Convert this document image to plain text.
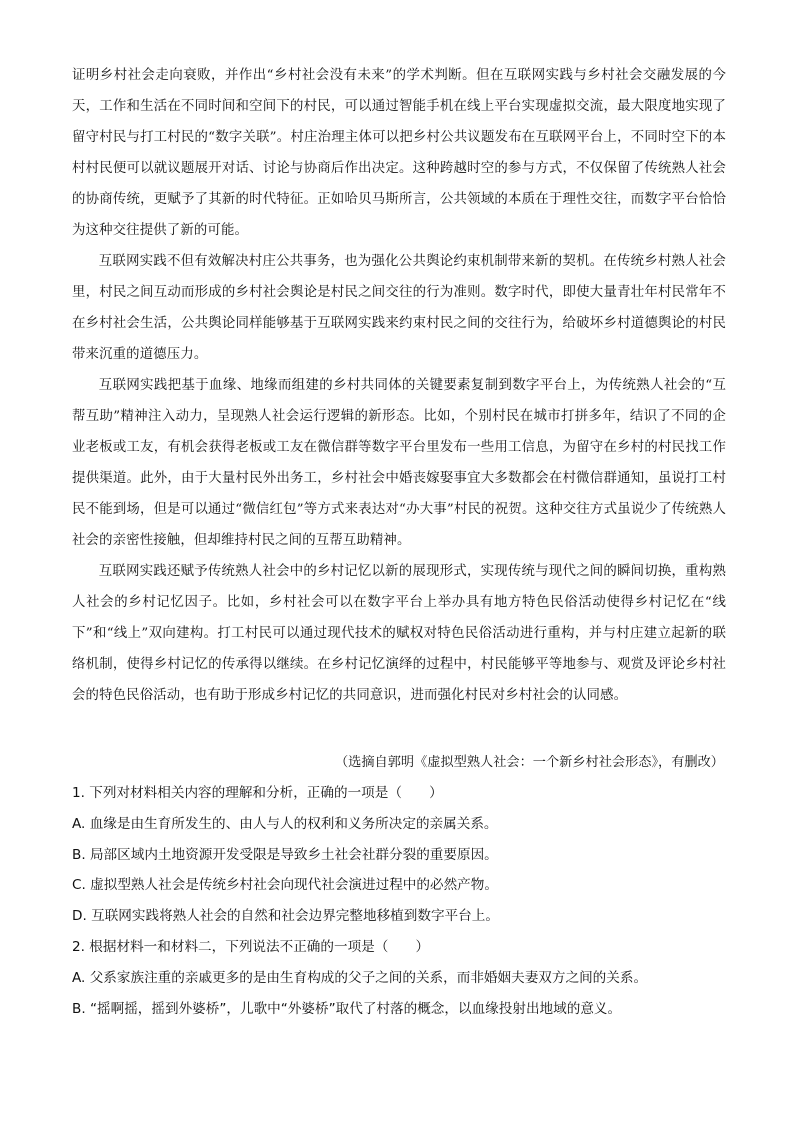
证明乡村社会走向衰败，并作出“乡村社会没有未来”的学术判断。但在互联网实践与乡村社会交融发展的今天，工作和生活在不同时间和空间下的村民，可以通过智能手机在线上平台实现虚拟交流，最大限度地实现了留守村民与打工村民的“数字关联”。村庄治理主体可以把乡村公共议题发布在互联网平台上，不同时空下的本村村民便可以就议题展开对话、讨论与协商后作出决定。这种跨越时空的参与方式，不仅保留了传统熟人社会的协商传统，更赋予了其新的时代特征。正如哈贝马斯所言，公共领域的本质在于理性交往，而数字平台恰恰为这种交往提供了新的可能。

互联网实践不但有效解决村庄公共事务，也为强化公共舆论约束机制带来新的契机。在传统乡村熟人社会里，村民之间互动而形成的乡村社会舆论是村民之间交往的行为准则。数字时代，即使大量青壮年村民常年不在乡村社会生活，公共舆论同样能够基于互联网实践来约束村民之间的交往行为，给破坏乡村道德舆论的村民带来沉重的道德压力。

互联网实践把基于血缘、地缘而组建的乡村共同体的关键要素复制到数字平台上，为传统熟人社会的“互帮互助”精神注入动力，呈现熟人社会运行逻辑的新形态。比如，个别村民在城市打拼多年，结识了不同的企业老板或工友，有机会获得老板或工友在微信群等数字平台里发布一些用工信息，为留守在乡村的村民找工作提供渠道。此外，由于大量村民外出务工，乡村社会中婚丧嫁娶事宜大多数都会在村微信群通知，虽说打工村民不能到场，但是可以通过“微信红包”等方式来表达对“办大事”村民的祝贺。这种交往方式虽说少了传统熟人社会的亲密性接触，但却维持村民之间的互帮互助精神。

互联网实践还赋予传统熟人社会中的乡村记忆以新的展现形式，实现传统与现代之间的瞬间切换，重构熟人社会的乡村记忆因子。比如，乡村社会可以在数字平台上举办具有地方特色民俗活动使得乡村记忆在“线下”和“线上”双向建构。打工村民可以通过现代技术的赋权对特色民俗活动进行重构，并与村庄建立起新的联络机制，使得乡村记忆的传承得以继续。在乡村记忆演绎的过程中，村民能够平等地参与、观赏及评论乡村社会的特色民俗活动，也有助于形成乡村记忆的共同意识，进而强化村民对乡村社会的认同感。

（选摘自郭明《虚拟型熟人社会：一个新乡村社会形态》，有删改）

1. 下列对材料相关内容的理解和分析，正确的一项是（　　）

A. 血缘是由生育所发生的、由人与人的权利和义务所决定的亲属关系。

B. 局部区域内土地资源开发受限是导致乡土社会社群分裂的重要原因。

C. 虚拟型熟人社会是传统乡村社会向现代社会演进过程中的必然产物。

D. 互联网实践将熟人社会的自然和社会边界完整地移植到数字平台上。

2. 根据材料一和材料二，下列说法不正确的一项是（　　）

A. 父系家族注重的亲戚更多的是由生育构成的父子之间的关系，而非婚姻夫妻双方之间的关系。

B. “摇啊摇，摇到外婆桥”，儿歌中“外婆桥”取代了村落的概念，以血缘投射出地域的意义。
